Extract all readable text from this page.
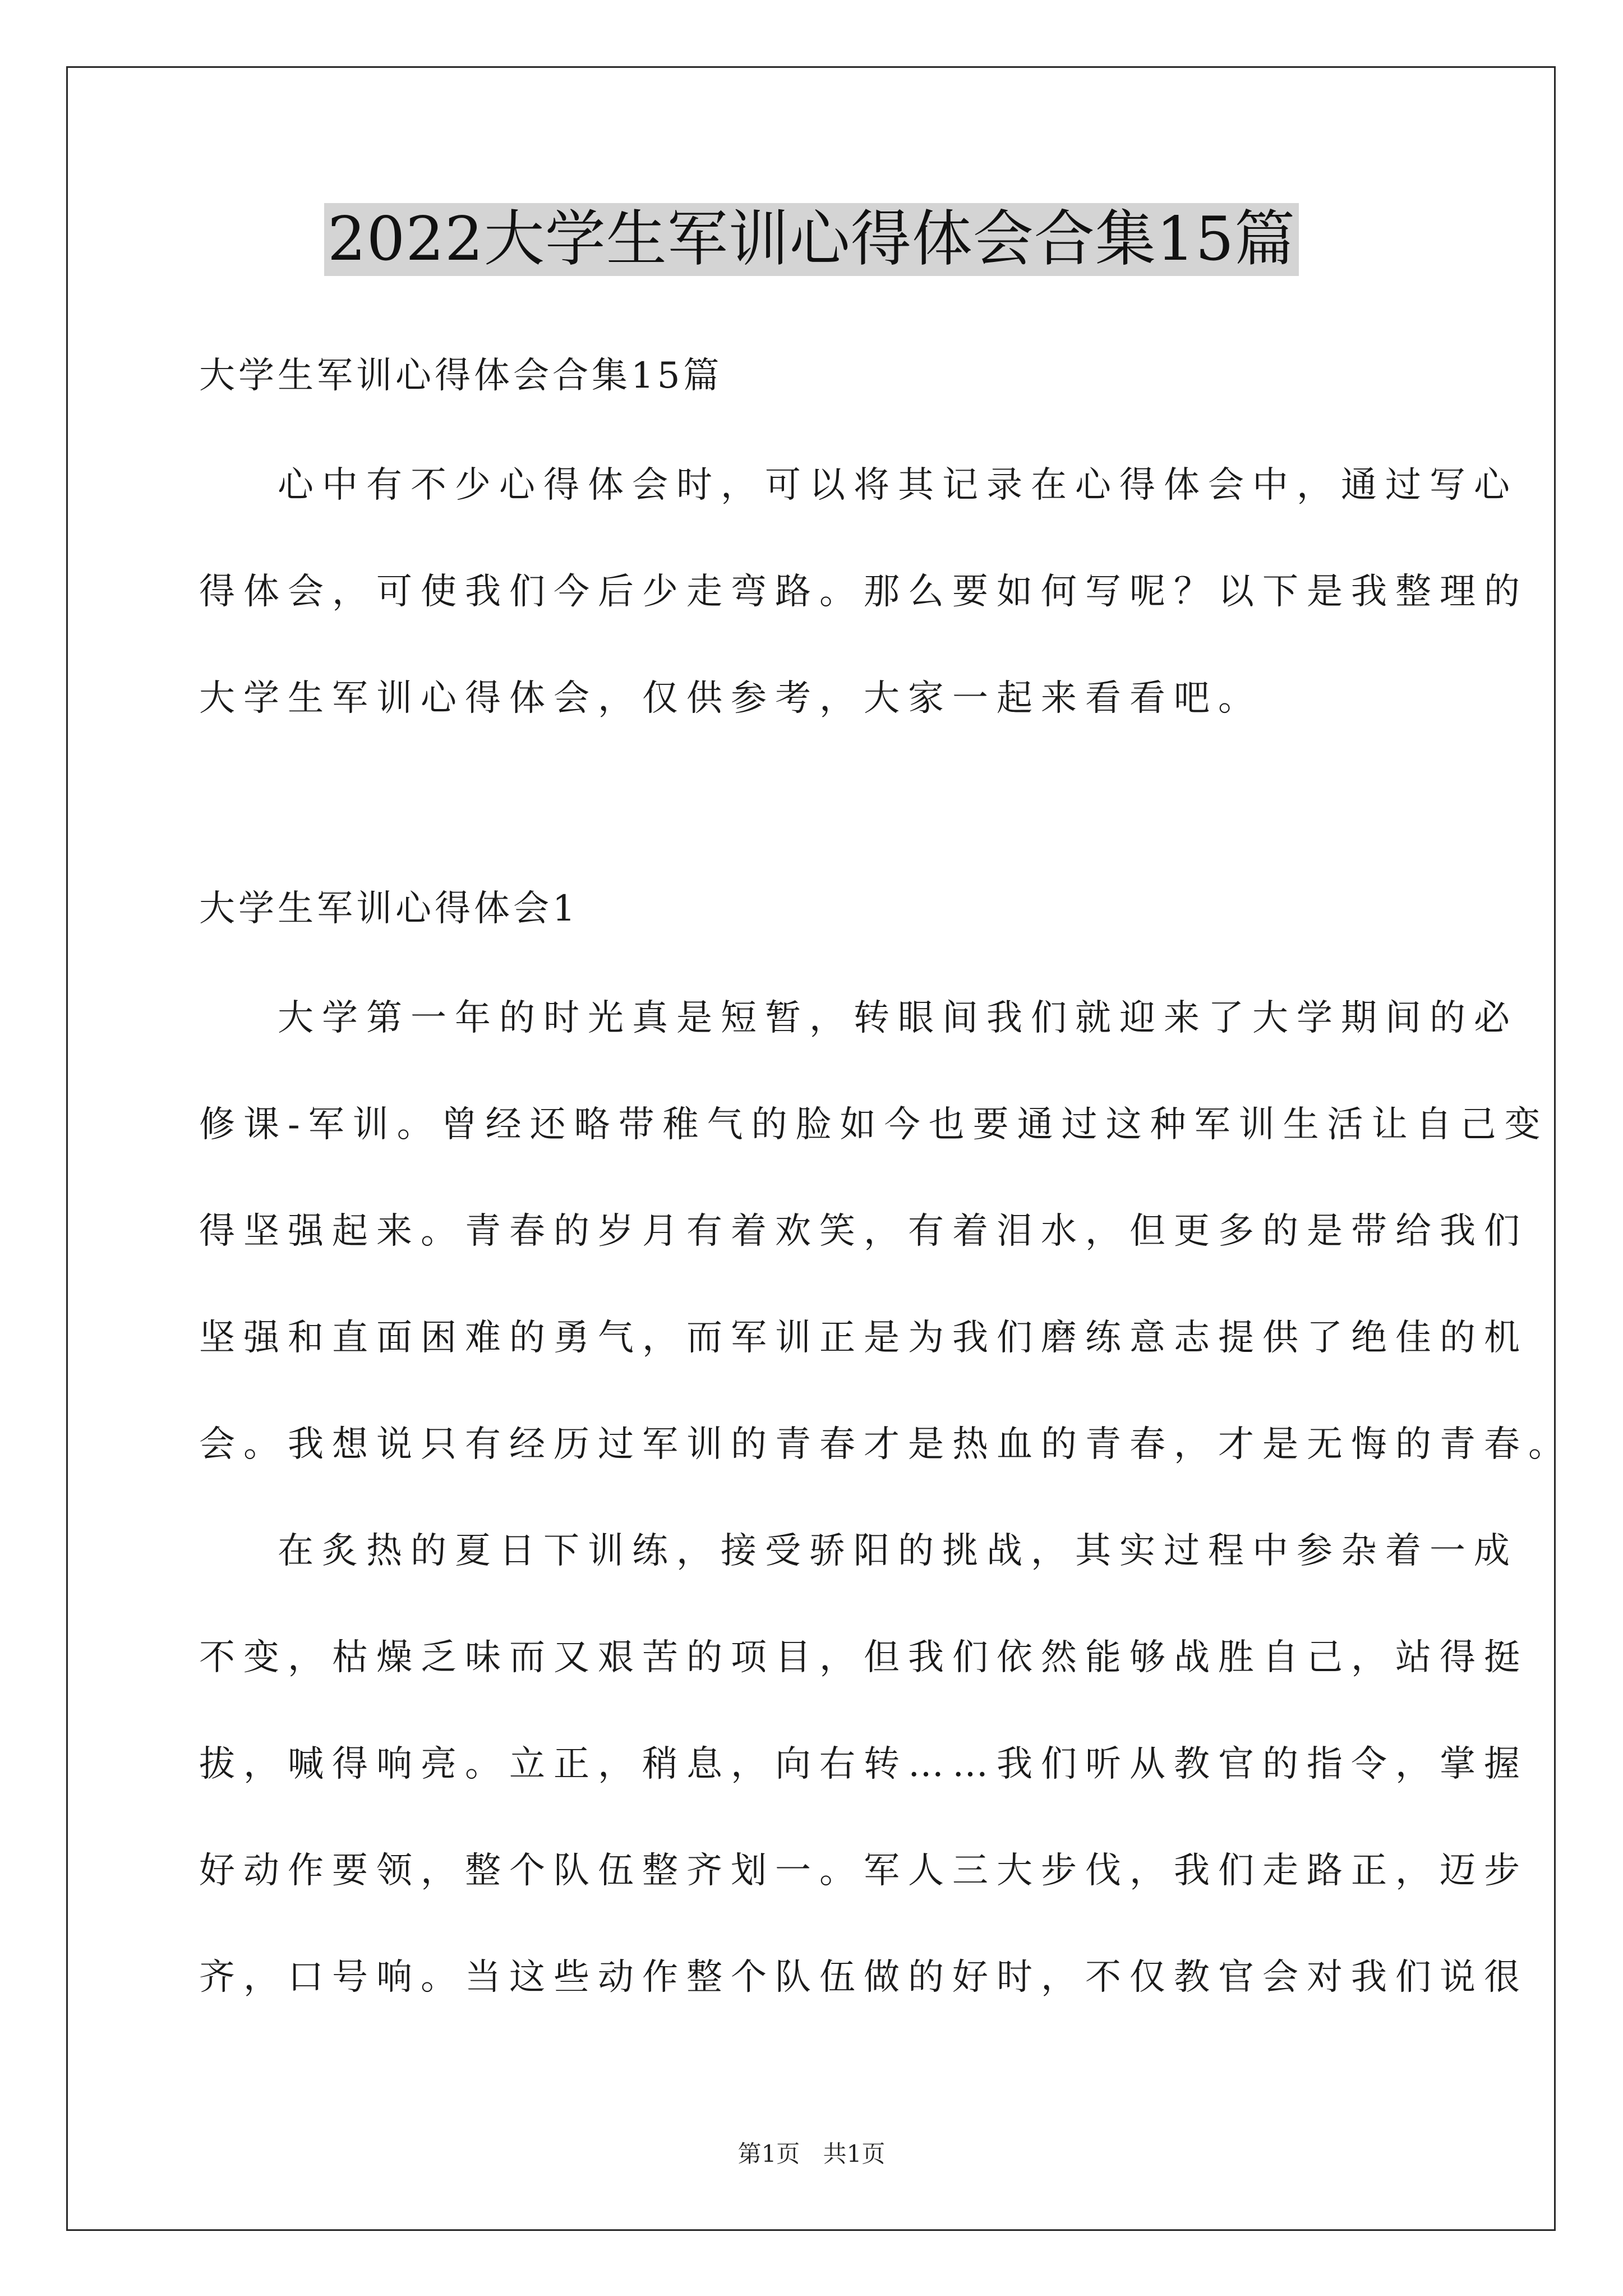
2022大学生军训心得体会合集15篇
大学生军训心得体会合集15篇
心中有不少心得体会时，可以将其记录在心得体会中，通过写心
得体会，可使我们今后少走弯路。那么要如何写呢？以下是我整理的
大学生军训心得体会，仅供参考，大家一起来看看吧。
大学生军训心得体会1
大学第一年的时光真是短暂，转眼间我们就迎来了大学期间的必
修课-军训。曾经还略带稚气的脸如今也要通过这种军训生活让自己变
得坚强起来。青春的岁月有着欢笑，有着泪水，但更多的是带给我们
坚强和直面困难的勇气，而军训正是为我们磨练意志提供了绝佳的机
会。我想说只有经历过军训的青春才是热血的青春，才是无悔的青春。
在炙热的夏日下训练，接受骄阳的挑战，其实过程中参杂着一成
不变，枯燥乏味而又艰苦的项目，但我们依然能够战胜自己，站得挺
拔，喊得响亮。立正，稍息，向右转……我们听从教官的指令，掌握
好动作要领，整个队伍整齐划一。军人三大步伐，我们走路正，迈步
齐，口号响。当这些动作整个队伍做的好时，不仅教官会对我们说很
第1页 共1页
